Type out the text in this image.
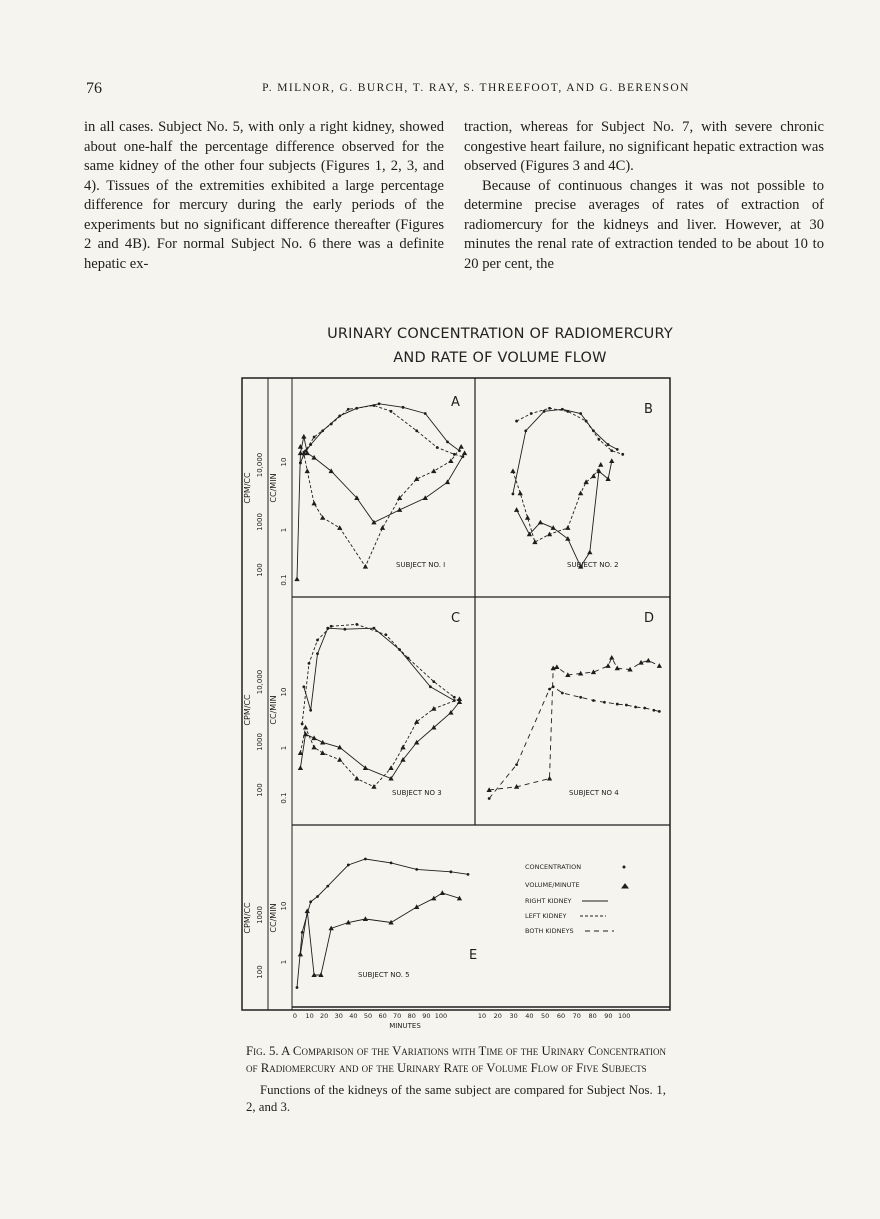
76	P. MILNOR, G. BURCH, T. RAY, S. THREEFOOT, AND G. BERENSON

in all cases. Subject No. 5, with only a right kidney, showed about one-half the percentage difference observed for the same kidney of the other four subjects (Figures 1, 2, 3, and 4). Tissues of the extremities exhibited a large percentage difference for mercury during the early periods of the experiments but no significant difference thereafter (Figures 2 and 4B). For normal Subject No. 6 there was a definite hepatic ex-

traction, whereas for Subject No. 7, with severe chronic congestive heart failure, no significant hepatic extraction was observed (Figures 3 and 4C).

Because of continuous changes it was not possible to determine precise averages of rates of extraction of radiomercury for the kidneys and liver. However, at 30 minutes the renal rate of extraction tended to be about 10 to 20 per cent, the

URINARY CONCENTRATION OF RADIOMERCURY
AND RATE OF VOLUME FLOW
CPM/CC CC/MIN
100
1000
10,000
0.1
1
10
CPM/CC CC/MIN
100
1000
10,000
0.1
1
10
CPM/CC CC/MIN
100
1000
1
10
A
SUBJECT NO. I
B
SUBJECT NO. 2
C
SUBJECT NO 3
D
SUBJECT NO 4
E
SUBJECT NO. 5
0 10 20 30 40 50 60 70 80 90 100	10 20 30 40 50 60 70 80 90 100
MINUTES
CONCENTRATION
VOLUME/MINUTE
RIGHT KIDNEY
LEFT KIDNEY
BOTH KIDNEYS
Fig. 5. A Comparison of the Variations with Time of the Urinary Concentration of Radiomercury and of the Urinary Rate of Volume Flow of Five Subjects
Functions of the kidneys of the same subject are compared for Subject Nos. 1, 2, and 3.
